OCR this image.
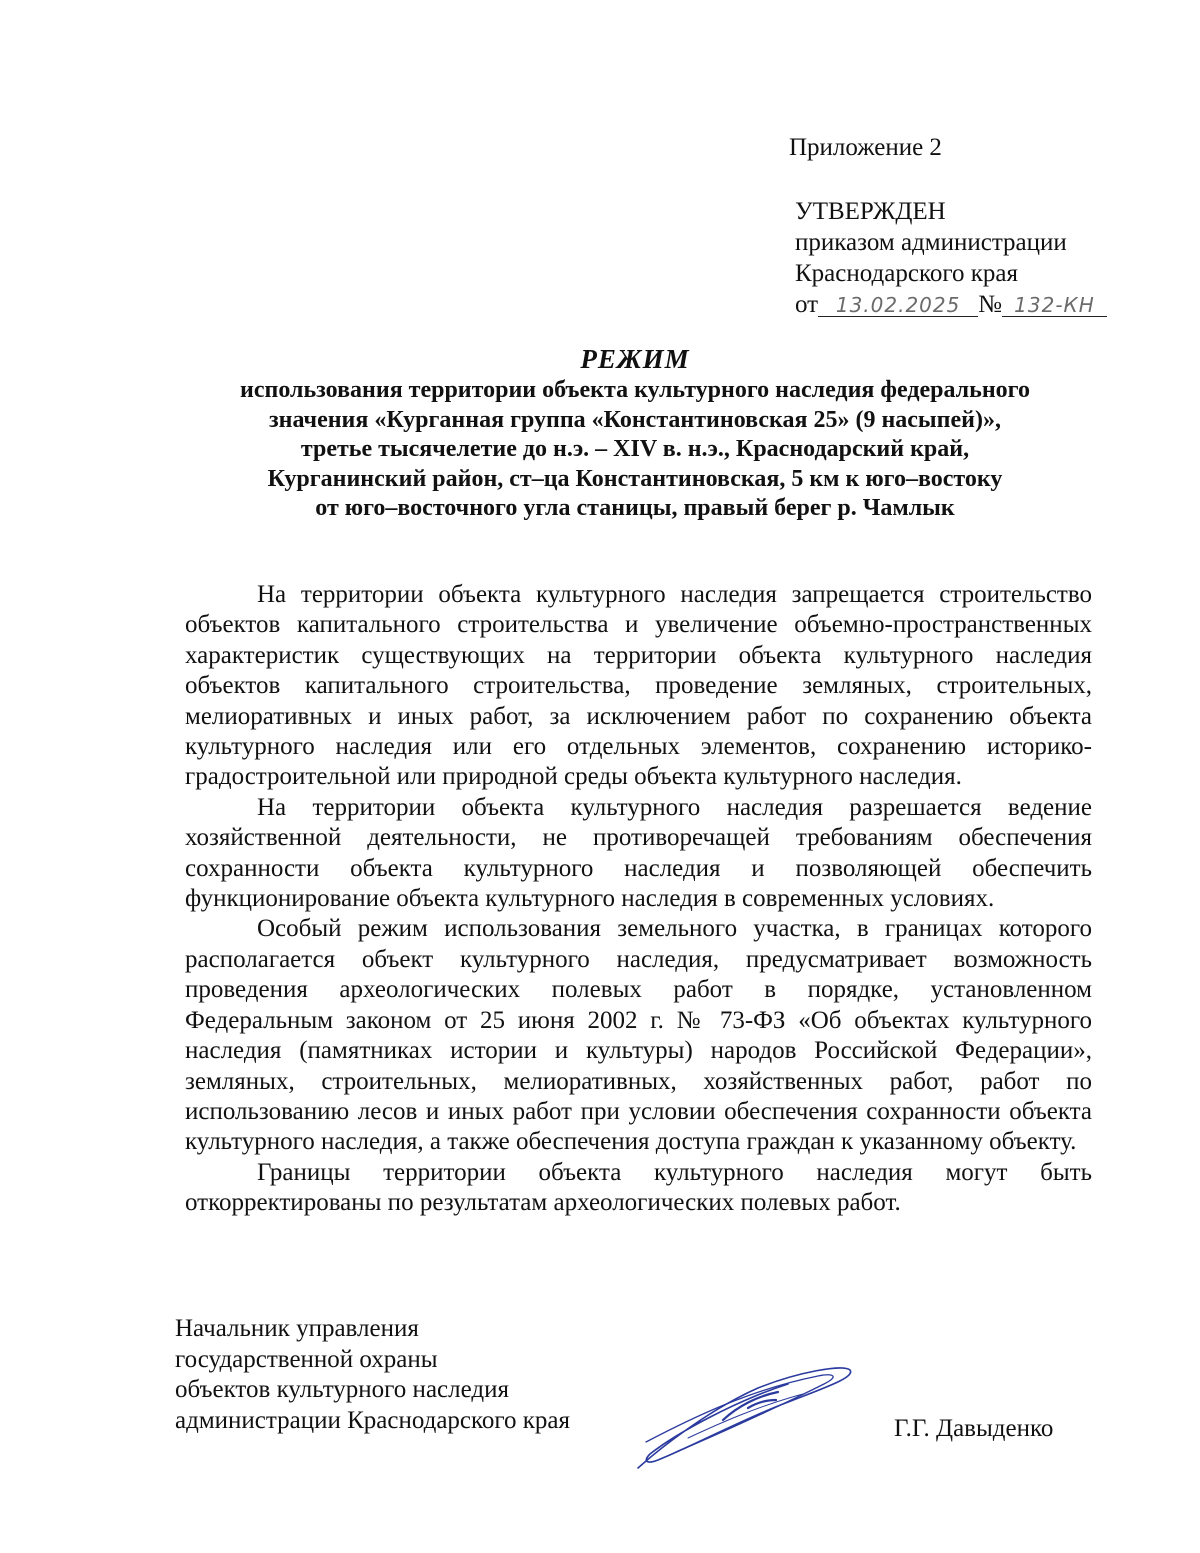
Приложение 2
УТВЕРЖДЕН
приказом администрации
Краснодарского края
от 13.02.2025 № 132-КН
РЕЖИМ
использования территории объекта культурного наследия федерального
значения «Курганная группа «Константиновская 25» (9 насыпей)»,
третье тысячелетие до н.э. – XIV в. н.э., Краснодарский край,
Курганинский район, ст–ца Константиновская, 5 км к юго–востоку
от юго–восточного угла станицы, правый берег р. Чамлык

На территории объекта культурного наследия запрещается строительство объектов капитального строительства и увеличение объемно-пространственных характеристик существующих на территории объекта культурного наследия объектов капитального строительства, проведение земляных, строительных, мелиоративных и иных работ, за исключением работ по сохранению объекта культурного наследия или его отдельных элементов, сохранению историко-градостроительной или природной среды объекта культурного наследия.

На территории объекта культурного наследия разрешается ведение хозяйственной деятельности, не противоречащей требованиям обеспечения сохранности объекта культурного наследия и позволяющей обеспечить функционирование объекта культурного наследия в современных условиях.

Особый режим использования земельного участка, в границах которого располагается объект культурного наследия, предусматривает возможность проведения археологических полевых работ в порядке, установленном Федеральным законом от 25 июня 2002 г. № 73-ФЗ «Об объектах культурного наследия (памятниках истории и культуры) народов Российской Федерации», земляных, строительных, мелиоративных, хозяйственных работ, работ по использованию лесов и иных работ при условии обеспечения сохранности объекта культурного наследия, а также обеспечения доступа граждан к указанному объекту.

Границы территории объекта культурного наследия могут быть откорректированы по результатам археологических полевых работ.

Начальник управления
государственной охраны
объектов культурного наследия
администрации Краснодарского края	Г.Г. Давыденко
